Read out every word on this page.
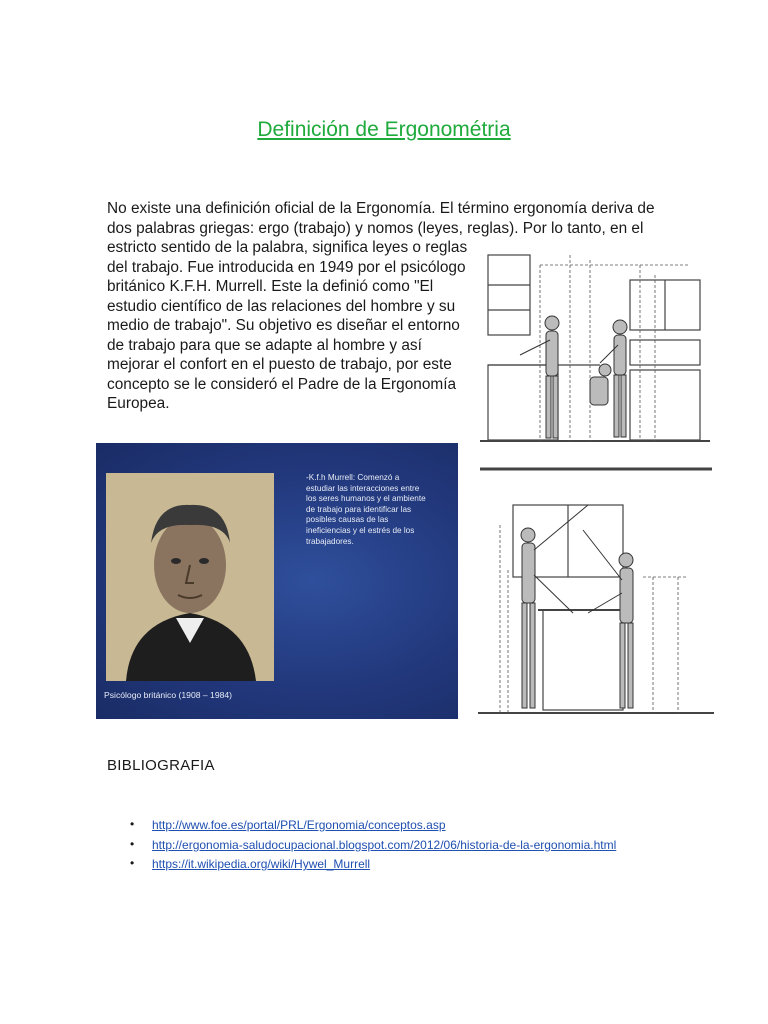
Definición de Ergonométria
No existe una definición oficial de la Ergonomía. El término ergonomía deriva de
dos palabras griegas: ergo (trabajo) y nomos (leyes, reglas). Por lo tanto, en el
estricto sentido de la palabra, significa leyes o reglas
del trabajo. Fue introducida en 1949 por el psicólogo
británico K.F.H. Murrell. Este la definió como "El
estudio científico de las relaciones del hombre y su
medio de trabajo". Su objetivo es diseñar el entorno
de trabajo para que se adapte al hombre y así
mejorar el confort en el puesto de trabajo, por este
concepto se le consideró el Padre de la Ergonomía
Europea.
-K.f.h Murrell: Comenzó a
estudiar las interacciones entre
los seres humanos y el ambiente
de trabajo para identificar las
posibles causas de las
ineficiencias y el estrés de los
trabajadores.
Psicólogo británico (1908 – 1984)
BIBLIOGRAFIA
• http://www.foe.es/portal/PRL/Ergonomia/conceptos.asp
• http://ergonomia-saludocupacional.blogspot.com/2012/06/historia-de-la-ergonomia.html
• https://it.wikipedia.org/wiki/Hywel_Murrell
